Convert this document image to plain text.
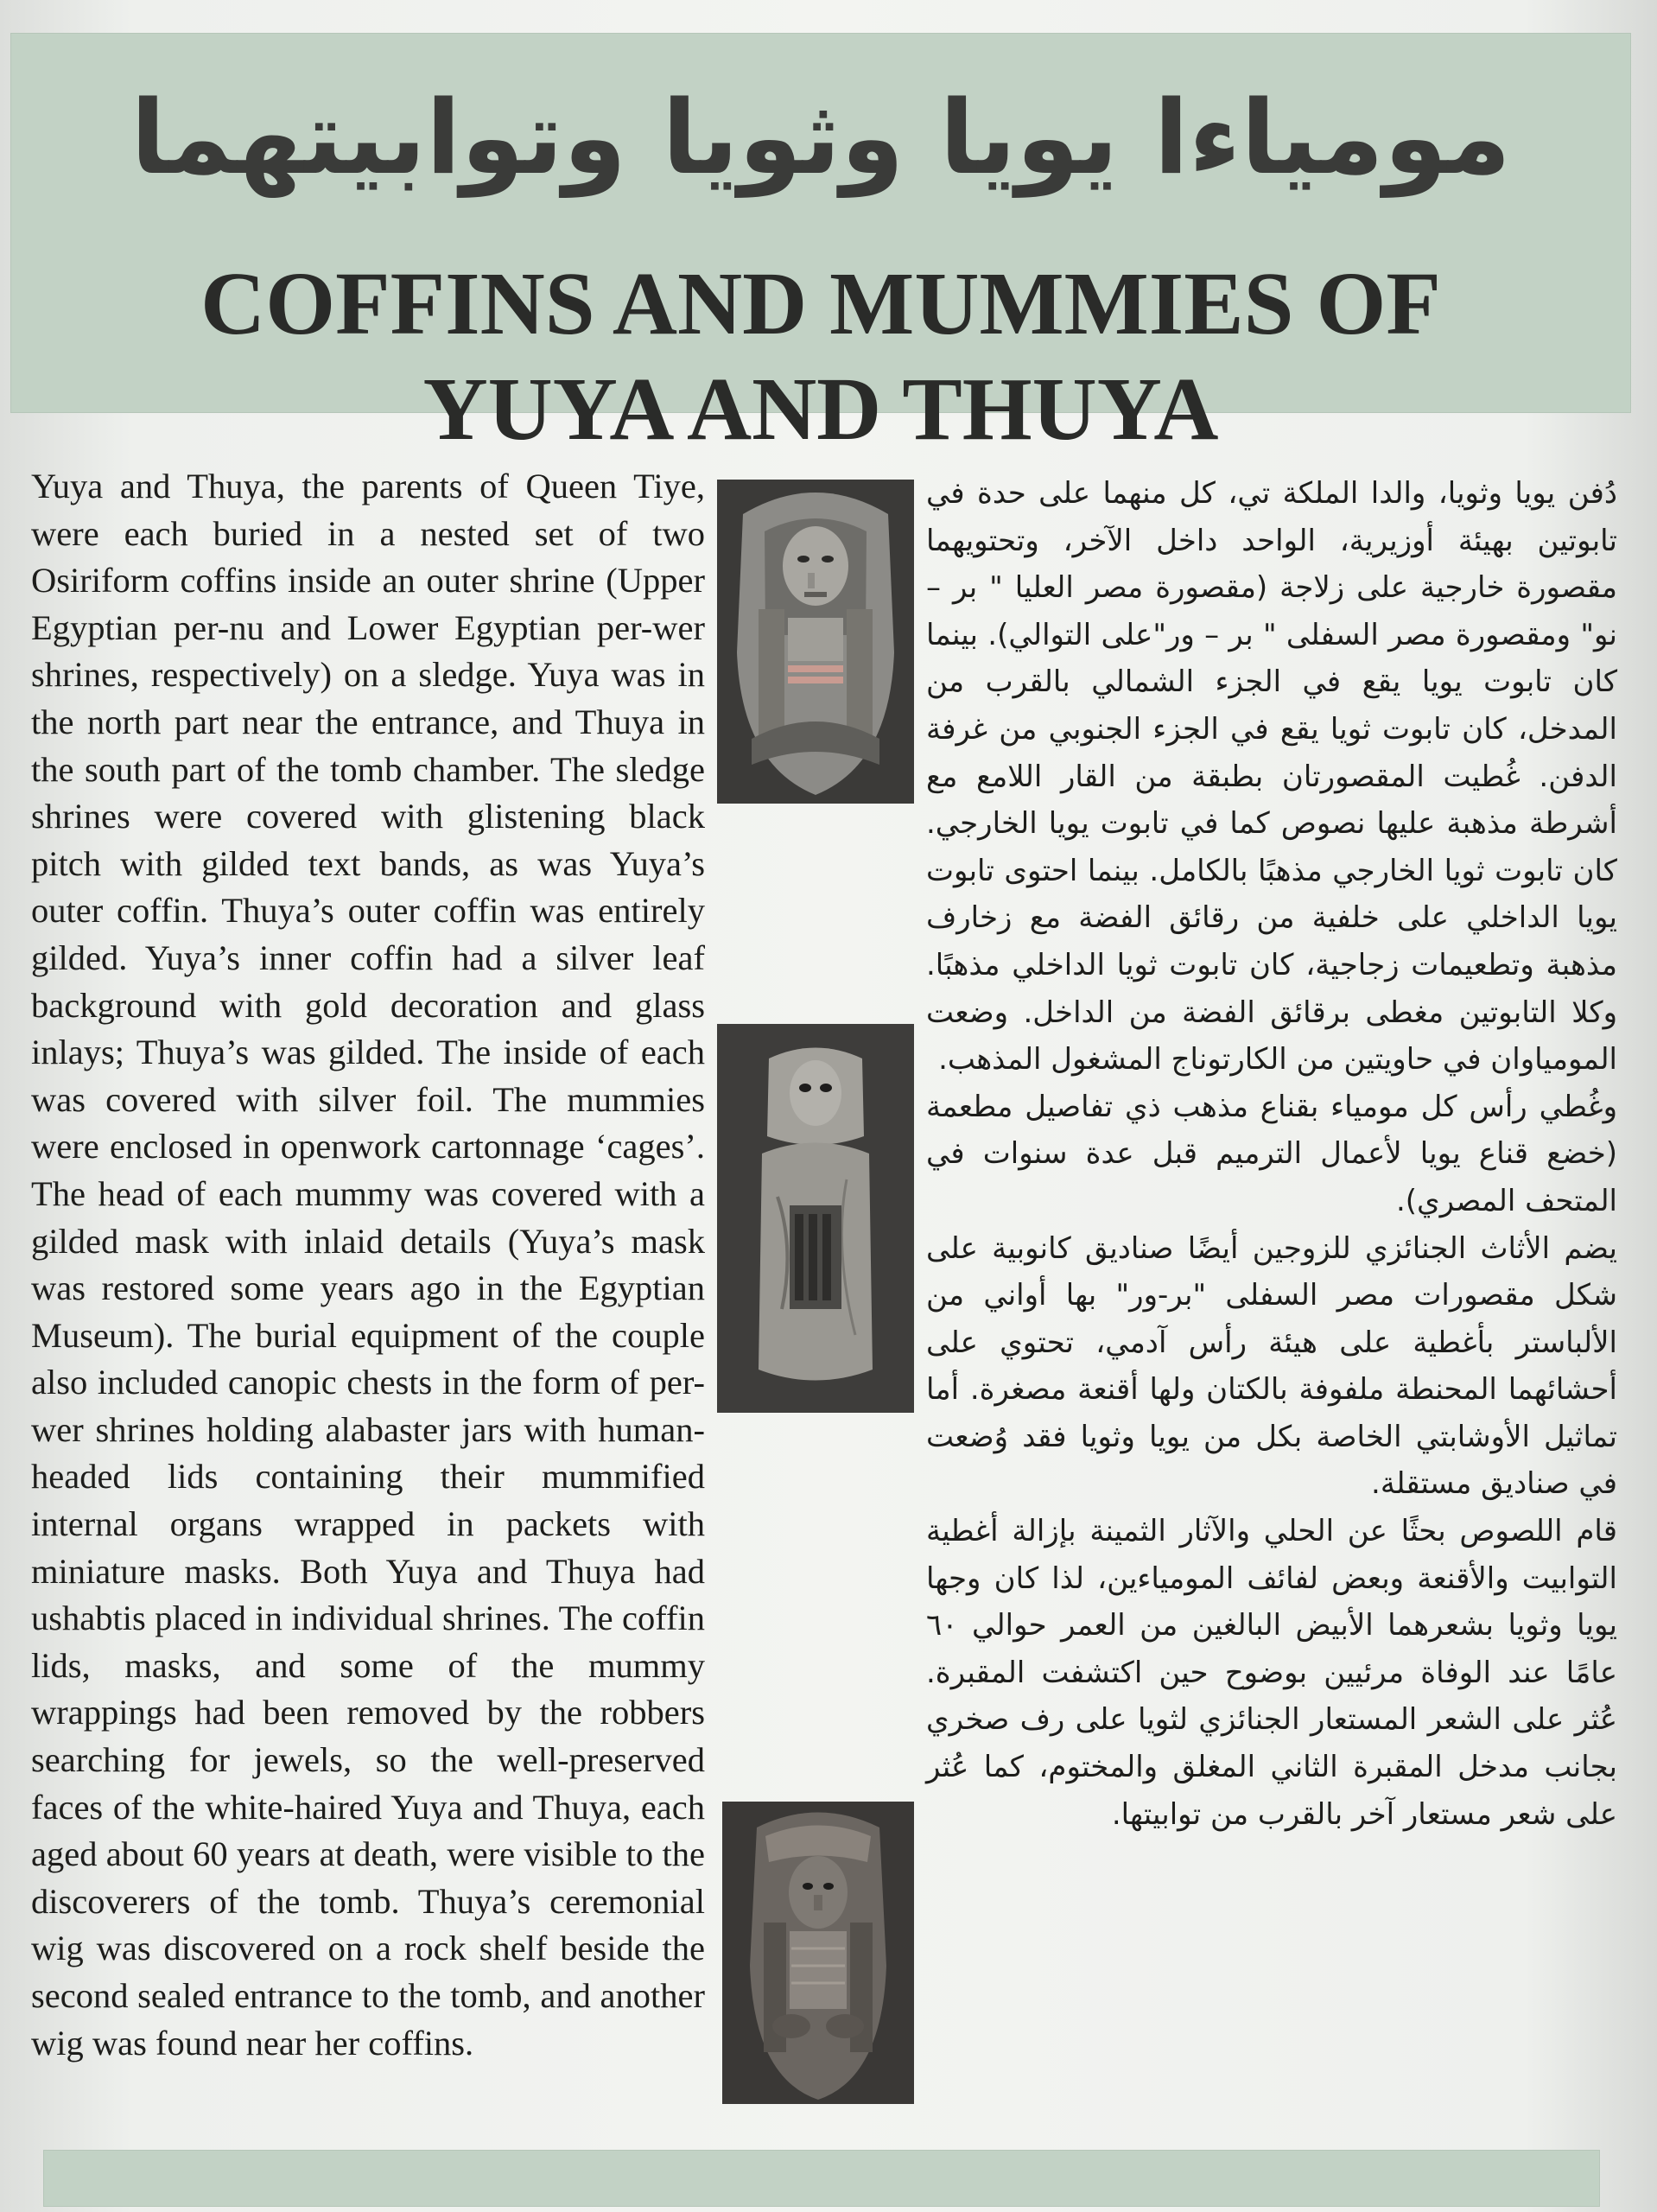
مومياءا يويا وثويا وتوابيتهما
COFFINS AND MUMMIES OF
YUYA AND THUYA

Yuya and Thuya, the parents of Queen Tiye, were each buried in a nested set of two Osiriform coffins inside an outer shrine (Upper Egyptian per-nu and Lower Egyptian per-wer shrines, respectively) on a sledge. Yuya was in the north part near the entrance, and Thuya in the south part of the tomb chamber. The sledge shrines were covered with glistening black pitch with gilded text bands, as was Yuya’s outer coffin. Thuya’s outer coffin was entirely gilded. Yuya’s inner coffin had a silver leaf background with gold decoration and glass inlays; Thuya’s was gilded. The inside of each was covered with silver foil. The mummies were enclosed in openwork cartonnage ‘cages’. The head of each mummy was covered with a gilded mask with inlaid details (Yuya’s mask was restored some years ago in the Egyptian Museum). The burial equipment of the couple also included canopic chests in the form of per-wer shrines holding alabaster jars with human-headed lids containing their mummified internal organs wrapped in packets with miniature masks. Both Yuya and Thuya had ushabtis placed in individual shrines. The coffin lids, masks, and some of the mummy wrappings had been removed by the robbers searching for jewels, so the well-preserved faces of the white-haired Yuya and Thuya, each aged about 60 years at death, were visible to the discoverers of the tomb. Thuya’s ceremonial wig was discovered on a rock shelf beside the second sealed entrance to the tomb, and another wig was found near her coffins.

دُفن يويا وثويا، والدا الملكة تي، كل منهما على حدة في تابوتين بهيئة أوزيرية، الواحد داخل الآخر، وتحتويهما مقصورة خارجية على زلاجة (مقصورة مصر العليا " بر – نو" ومقصورة مصر السفلى " بر – ور"على التوالي). بينما كان تابوت يويا يقع في الجزء الشمالي بالقرب من المدخل، كان تابوت ثويا يقع في الجزء الجنوبي من غرفة الدفن. غُطيت المقصورتان بطبقة من القار اللامع مع أشرطة مذهبة عليها نصوص كما في تابوت يويا الخارجي. كان تابوت ثويا الخارجي مذهبًا بالكامل. بينما احتوى تابوت يويا الداخلي على خلفية من رقائق الفضة مع زخارف مذهبة وتطعيمات زجاجية، كان تابوت ثويا الداخلي مذهبًا. وكلا التابوتين مغطى برقائق الفضة من الداخل. وضعت المومياوان في حاويتين من الكارتوناج المشغول المذهب.

وغُطي رأس كل مومياء بقناع مذهب ذي تفاصيل مطعمة (خضع قناع يويا لأعمال الترميم قبل عدة سنوات في المتحف المصري).

يضم الأثاث الجنائزي للزوجين أيضًا صناديق كانوبية على شكل مقصورات مصر السفلى "بر-ور" بها أواني من الألباستر بأغطية على هيئة رأس آدمي، تحتوي على أحشائهما المحنطة ملفوفة بالكتان ولها أقنعة مصغرة. أما تماثيل الأوشابتي الخاصة بكل من يويا وثويا فقد وُضعت في صناديق مستقلة.

قام اللصوص بحثًا عن الحلي والآثار الثمينة بإزالة أغطية التوابيت والأقنعة وبعض لفائف المومياءين، لذا كان وجها يويا وثويا بشعرهما الأبيض البالغين من العمر حوالي ٦٠ عامًا عند الوفاة مرئيين بوضوح حين اكتشفت المقبرة. عُثر على الشعر المستعار الجنائزي لثويا على رف صخري بجانب مدخل المقبرة الثاني المغلق والمختوم، كما عُثر على شعر مستعار آخر بالقرب من توابيتها.
